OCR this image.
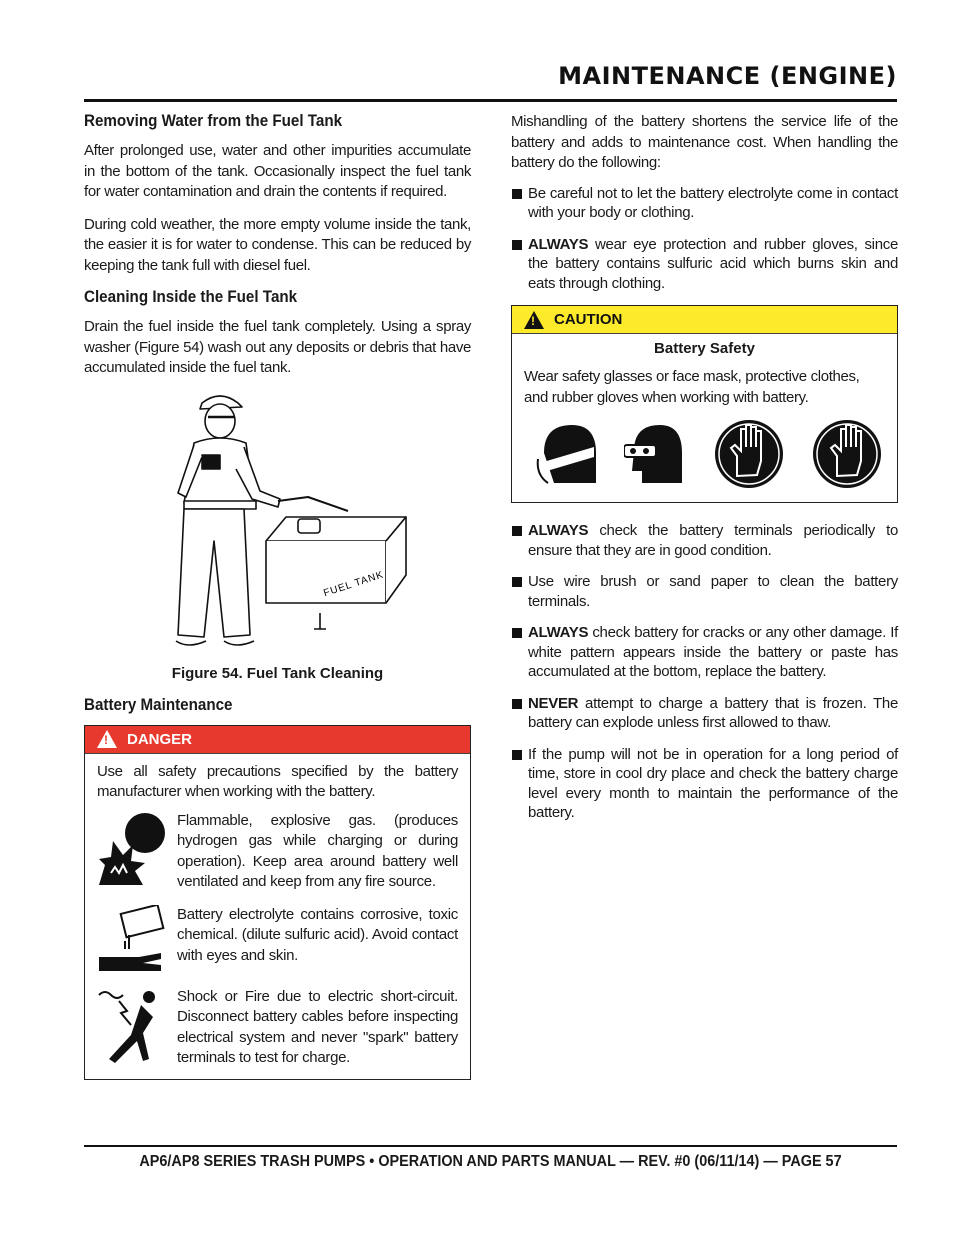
MAINTENANCE (ENGINE)
Removing Water from the Fuel Tank

After prolonged use, water and other impurities accumulate in the bottom of the tank. Occasionally inspect the fuel tank for water contamination and drain the contents if required.

During cold weather, the more empty volume inside the tank, the easier it is for water to condense. This can be reduced by keeping the tank full with diesel fuel.

Cleaning Inside the Fuel Tank

Drain the fuel inside the fuel tank completely. Using a spray washer (Figure 54) wash out any deposits or debris that have accumulated inside the fuel tank.

FUEL TANK
Figure 54. Fuel Tank Cleaning
Battery Maintenance
! DANGER

Use all safety precautions specified by the battery manufacturer when working with the battery.

Flammable, explosive gas. (produces hydrogen gas while charging or during operation). Keep area around battery well ventilated and keep from any fire source.

Battery electrolyte contains corrosive, toxic chemical. (dilute sulfuric acid). Avoid contact with eyes and skin.

Shock or Fire due to electric short-circuit. Disconnect battery cables before inspecting electrical system and never "spark" battery terminals to test for charge.

Mishandling of the battery shortens the service life of the battery and adds to maintenance cost. When handling the battery do the following:

Be careful not to let the battery electrolyte come in contact with your body or clothing.
ALWAYS wear eye protection and rubber gloves, since the battery contains sulfuric acid which burns skin and eats through clothing.
! CAUTION
Battery Safety

Wear safety glasses or face mask, protective clothes, and rubber gloves when working with battery.

ALWAYS check the battery terminals periodically to ensure that they are in good condition.
Use wire brush or sand paper to clean the battery terminals.
ALWAYS check battery for cracks or any other damage. If white pattern appears inside the battery or paste has accumulated at the bottom, replace the battery.
NEVER attempt to charge a battery that is frozen. The battery can explode unless first allowed to thaw.
If the pump will not be in operation for a long period of time, store in cool dry place and check the battery charge level every month to maintain the performance of the battery.
AP6/AP8 SERIES TRASH PUMPS • OPERATION AND PARTS MANUAL — REV. #0 (06/11/14) — PAGE 57
